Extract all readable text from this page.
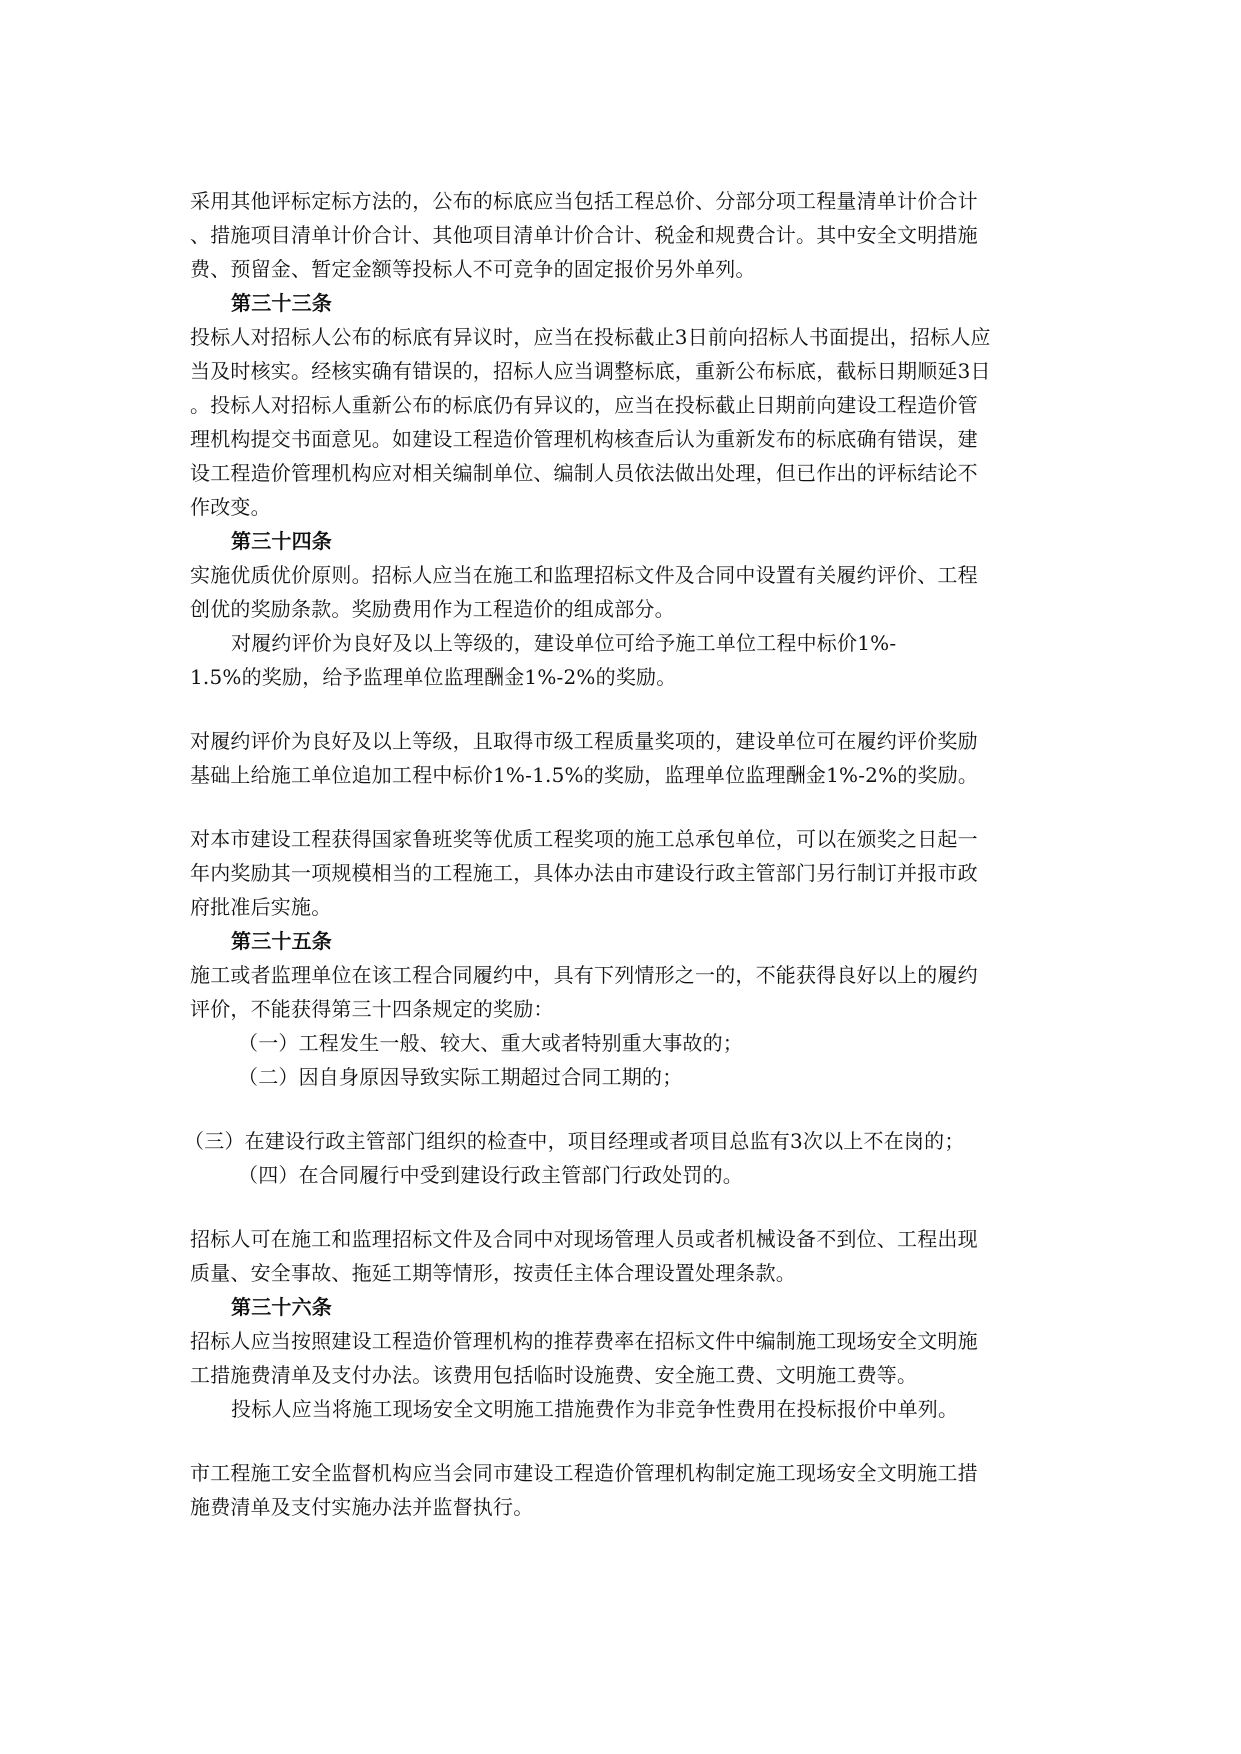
采用其他评标定标方法的，公布的标底应当包括工程总价、分部分项工程量清单计价合计
、措施项目清单计价合计、其他项目清单计价合计、税金和规费合计。其中安全文明措施
费、预留金、暂定金额等投标人不可竞争的固定报价另外单列。
第三十三条
投标人对招标人公布的标底有异议时，应当在投标截止3日前向招标人书面提出，招标人应
当及时核实。经核实确有错误的，招标人应当调整标底，重新公布标底，截标日期顺延3日
。投标人对招标人重新公布的标底仍有异议的，应当在投标截止日期前向建设工程造价管
理机构提交书面意见。如建设工程造价管理机构核查后认为重新发布的标底确有错误，建
设工程造价管理机构应对相关编制单位、编制人员依法做出处理，但已作出的评标结论不
作改变。
第三十四条
实施优质优价原则。招标人应当在施工和监理招标文件及合同中设置有关履约评价、工程
创优的奖励条款。奖励费用作为工程造价的组成部分。
对履约评价为良好及以上等级的，建设单位可给予施工单位工程中标价1%-
1.5%的奖励，给予监理单位监理酬金1%-2%的奖励。
对履约评价为良好及以上等级，且取得市级工程质量奖项的，建设单位可在履约评价奖励
基础上给施工单位追加工程中标价1%-1.5%的奖励，监理单位监理酬金1%-2%的奖励。
对本市建设工程获得国家鲁班奖等优质工程奖项的施工总承包单位，可以在颁奖之日起一
年内奖励其一项规模相当的工程施工，具体办法由市建设行政主管部门另行制订并报市政
府批准后实施。
第三十五条
施工或者监理单位在该工程合同履约中，具有下列情形之一的，不能获得良好以上的履约
评价，不能获得第三十四条规定的奖励：
（一）工程发生一般、较大、重大或者特别重大事故的；
（二）因自身原因导致实际工期超过合同工期的；
（三）在建设行政主管部门组织的检查中，项目经理或者项目总监有3次以上不在岗的；
（四）在合同履行中受到建设行政主管部门行政处罚的。
招标人可在施工和监理招标文件及合同中对现场管理人员或者机械设备不到位、工程出现
质量、安全事故、拖延工期等情形，按责任主体合理设置处理条款。
第三十六条
招标人应当按照建设工程造价管理机构的推荐费率在招标文件中编制施工现场安全文明施
工措施费清单及支付办法。该费用包括临时设施费、安全施工费、文明施工费等。
投标人应当将施工现场安全文明施工措施费作为非竞争性费用在投标报价中单列。
市工程施工安全监督机构应当会同市建设工程造价管理机构制定施工现场安全文明施工措
施费清单及支付实施办法并监督执行。
